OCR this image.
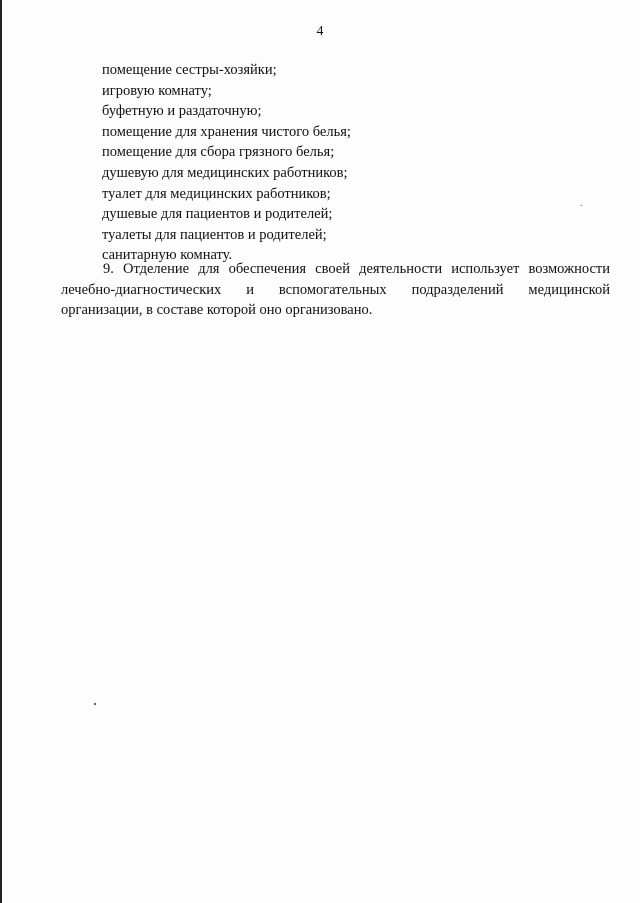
4
помещение сестры-хозяйки;
игровую комнату;
буфетную и раздаточную;
помещение для хранения чистого белья;
помещение для сбора грязного белья;
душевую для медицинских работников;
туалет для медицинских работников;
душевые для пациентов и родителей;
туалеты для пациентов и родителей;
санитарную комнату.

9. Отделение для обеспечения своей деятельности использует возможности
лечебно-диагностических и вспомогательных подразделений медицинской
организации, в составе которой оно организовано.
